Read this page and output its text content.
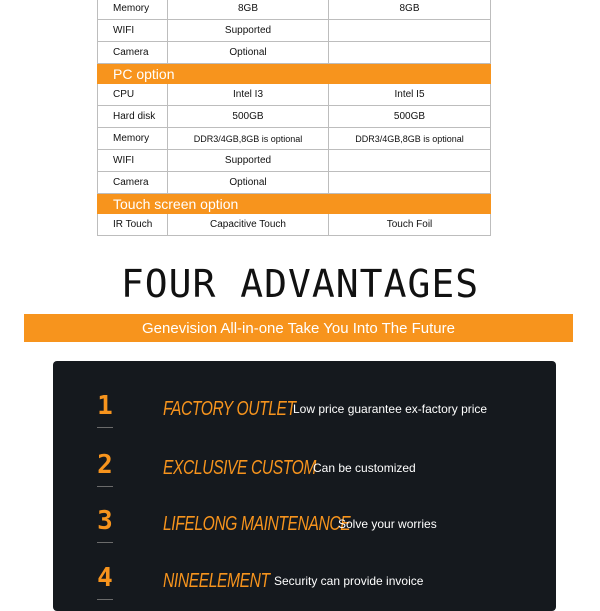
Memory	8GB	8GB
WIFI	Supported
Camera	Optional
PC option
CPU	Intel I3	Intel I5
Hard disk	500GB	500GB
Memory	DDR3/4GB,8GB is optional	DDR3/4GB,8GB is optional
WIFI	Supported
Camera	Optional
Touch screen option
IR Touch	Capacitive Touch	Touch Foil
FOUR ADVANTAGES
Genevision All-in-one Take You Into The Future
1	FACTORY OUTLET
Low price guarantee ex-factory price
2	EXCLUSIVE CUSTOM
Can be customized
3	LIFELONG MAINTENANCE
Solve your worries
4	NINEELEMENT Security can provide invoice
